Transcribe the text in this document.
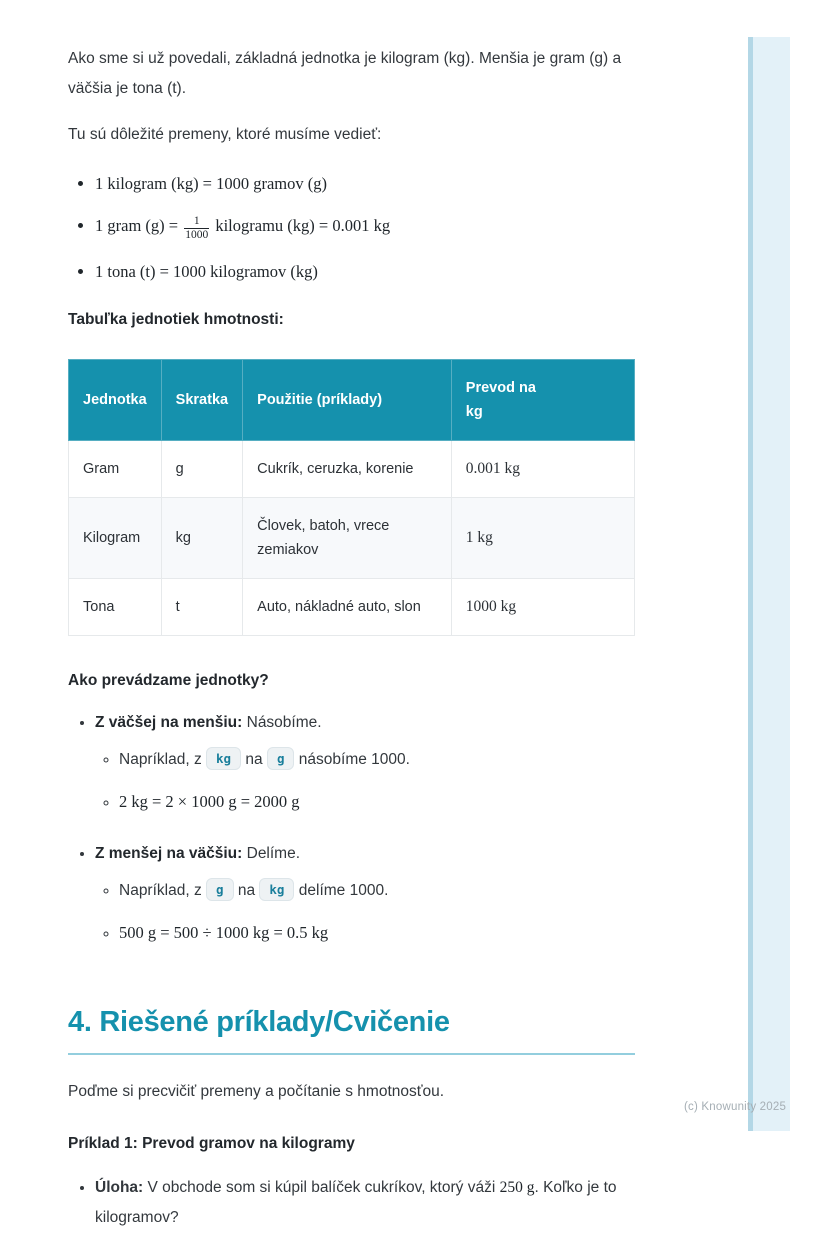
Ako sme si už povedali, základná jednotka je kilogram (kg). Menšia je gram (g) a väčšia je tona (t).

Tu sú dôležité premeny, ktoré musíme vedieť:

• 1 kilogram (kg) = 1000 gramov (g)
• 1 gram $(g) = \frac{1}{1000}$ kilogramu (kg) = 0.001 kg
• 1 tona (t) = 1000 kilogramov (kg)
Tabuľka jednotiek hmotnosti:
Jednotka	Skratka	Použitie (príklady)	Prevod na kg
Gram	g	Cukrík, ceruzka, korenie	0.001 kg
Kilogram	kg	Človek, batoh, vrece zemiakov	1 kg
Tona	t	Auto, nákladné auto, slon	1000 kg
Ako prevádzame jednotky?
• Z väčšej na menšiu: Násobíme.
◦ Napríklad, z kg na g násobíme 1000.
◦ 2 kg = 2 × 1000 g = 2000 g
• Z menšej na väčšiu: Delíme.
◦ Napríklad, z g na kg delíme 1000.
◦ 500 g = 500 ÷ 1000 kg = 0.5 kg
4. Riešené príklady/Cvičenie

Poďme si precvičiť premeny a počítanie s hmotnosťou.

Príklad 1: Prevod gramov na kilogramy
• Úloha: V obchode som si kúpil balíček cukríkov, ktorý váži 250 g. Koľko je to kilogramov?
(c) Knowunity 2025
